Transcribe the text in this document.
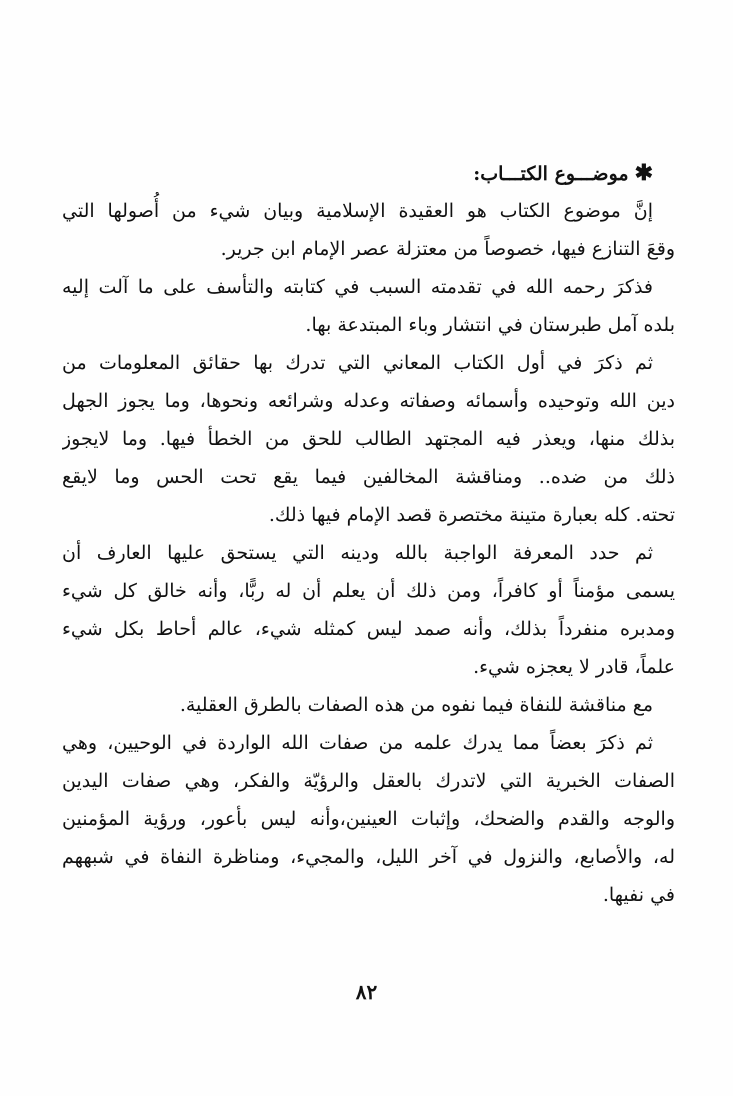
✱موضـــوع الكتـــاب:
إنَّ موضوع الكتاب هو العقيدة الإسلامية وبيان شيء من أُصولها التي
وقعَ التنازع فيها، خصوصاً من معتزلة عصر الإمام ابن جرير.
فذكرَ رحمه الله في تقدمته السبب في كتابته والتأسف على ما آلت إليه
بلده آمل طبرستان في انتشار وباء المبتدعة بها.
ثم ذكرَ في أول الكتاب المعاني التي تدرك بها حقائق المعلومات من
دين الله وتوحيده وأسمائه وصفاته وعدله وشرائعه ونحوها، وما يجوز الجهل
بذلك منها، ويعذر فيه المجتهد الطالب للحق من الخطأ فيها. وما لايجوز
ذلك من ضده.. ومناقشة المخالفين فيما يقع تحت الحس وما لايقع
تحته. كله بعبارة متينة مختصرة قصد الإمام فيها ذلك.
ثم حدد المعرفة الواجبة بالله ودينه التي يستحق عليها العارف أن
يسمى مؤمناً أو كافراً، ومن ذلك أن يعلم أن له ربًّا، وأنه خالق كل شيء
ومدبره منفرداً بذلك، وأنه صمد ليس كمثله شيء، عالم أحاط بكل شيء
علماً، قادر لا يعجزه شيء.
مع مناقشة للنفاة فيما نفوه من هذه الصفات بالطرق العقلية.
ثم ذكرَ بعضاً مما يدرك علمه من صفات الله الواردة في الوحيين، وهي
الصفات الخبرية التي لاتدرك بالعقل والرؤيّة والفكر، وهي صفات اليدين
والوجه والقدم والضحك، وإثبات العينين،وأنه ليس بأعور، ورؤية المؤمنين
له، والأصابع، والنزول في آخر الليل، والمجيء، ومناظرة النفاة في شبههم
في نفيها.
٨٢
